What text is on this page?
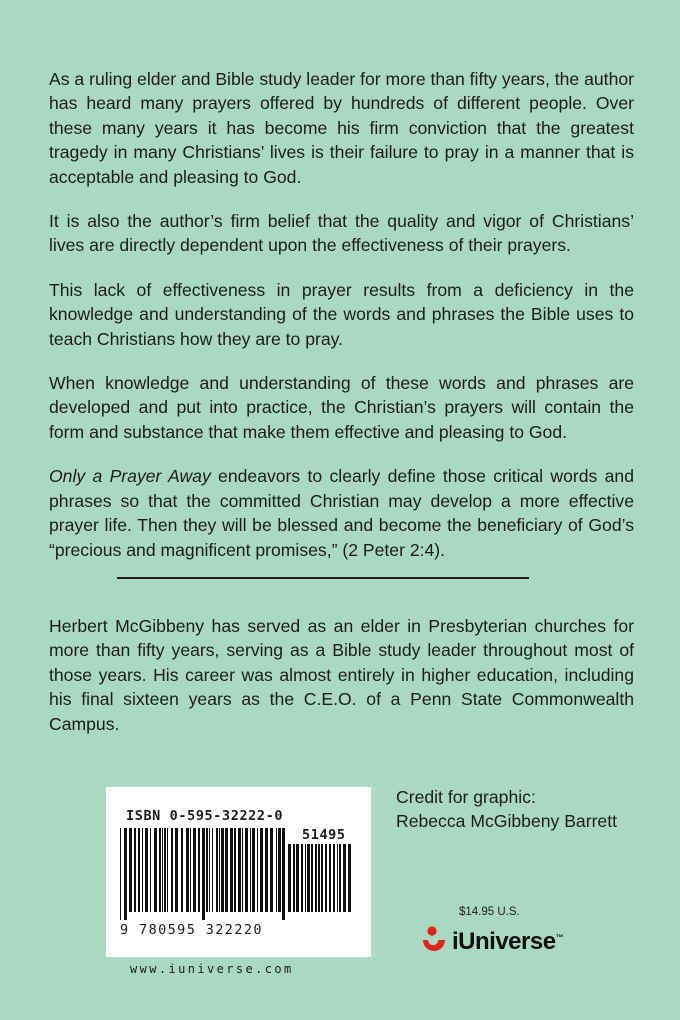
As a ruling elder and Bible study leader for more than fifty years, the author has heard many prayers offered by hundreds of different people. Over these many years it has become his firm conviction that the greatest tragedy in many Christians’ lives is their failure to pray in a manner that is acceptable and pleasing to God.

It is also the author’s firm belief that the quality and vigor of Christians’ lives are directly dependent upon the effectiveness of their prayers.

This lack of effectiveness in prayer results from a deficiency in the knowledge and understanding of the words and phrases the Bible uses to teach Christians how they are to pray.

When knowledge and understanding of these words and phrases are developed and put into practice, the Christian’s prayers will contain the form and substance that make them effective and pleasing to God.

Only a Prayer Away endeavors to clearly define those critical words and phrases so that the committed Christian may develop a more effective prayer life. Then they will be blessed and become the beneficiary of God’s “precious and magnificent promises,” (2 Peter 2:4).

Herbert McGibbeny has served as an elder in Presbyterian churches for more than fifty years, serving as a Bible study leader throughout most of those years. His career was almost entirely in higher education, including his final sixteen years as the C.E.O. of a Penn State Commonwealth Campus.

ISBN 0-595-32222-0
51495
9 780595 322220
www.iuniverse.com
Credit for graphic:
Rebecca McGibbeny Barrett
$14.95 U.S.
iUniverse™
